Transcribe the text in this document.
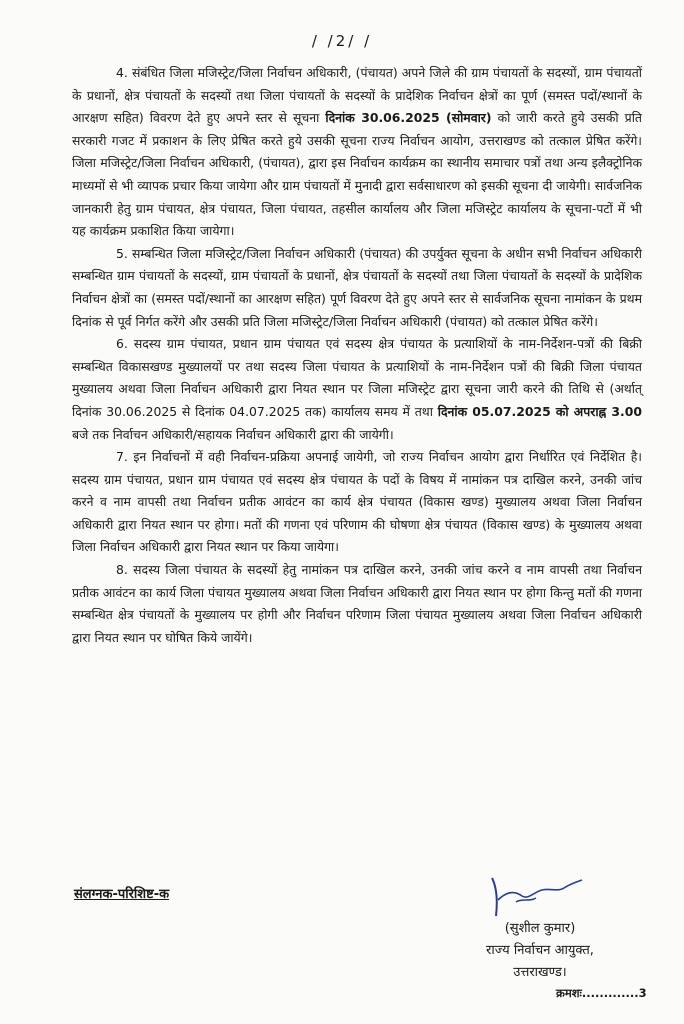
/ /2/ /

4. संबंधित जिला मजिस्ट्रेट/जिला निर्वाचन अधिकारी, (पंचायत) अपने जिले की ग्राम पंचायतों के सदस्यों, ग्राम पंचायतों के प्रधानों, क्षेत्र पंचायतों के सदस्यों तथा जिला पंचायतों के सदस्यों के प्रादेशिक निर्वाचन क्षेत्रों का पूर्ण (समस्त पदों/स्थानों के आरक्षण सहित) विवरण देते हुए अपने स्तर से सूचना दिनांक 30.06.2025 (सोमवार) को जारी करते हुये उसकी प्रति सरकारी गजट में प्रकाशन के लिए प्रेषित करते हुये उसकी सूचना राज्य निर्वाचन आयोग, उत्तराखण्ड को तत्काल प्रेषित करेंगे। जिला मजिस्ट्रेट/जिला निर्वाचन अधिकारी, (पंचायत), द्वारा इस निर्वाचन कार्यक्रम का स्थानीय समाचार पत्रों तथा अन्य इलैक्ट्रोनिक माध्यमों से भी व्यापक प्रचार किया जायेगा और ग्राम पंचायतों में मुनादी द्वारा सर्वसाधारण को इसकी सूचना दी जायेगी। सार्वजनिक जानकारी हेतु ग्राम पंचायत, क्षेत्र पंचायत, जिला पंचायत, तहसील कार्यालय और जिला मजिस्ट्रेट कार्यालय के सूचना-पटों में भी यह कार्यक्रम प्रकाशित किया जायेगा।

5. सम्बन्धित जिला मजिस्ट्रेट/जिला निर्वाचन अधिकारी (पंचायत) की उपर्युक्त सूचना के अधीन सभी निर्वाचन अधिकारी सम्बन्धित ग्राम पंचायतों के सदस्यों, ग्राम पंचायतों के प्रधानों, क्षेत्र पंचायतों के सदस्यों तथा जिला पंचायतों के सदस्यों के प्रादेशिक निर्वाचन क्षेत्रों का (समस्त पदों/स्थानों का आरक्षण सहित) पूर्ण विवरण देते हुए अपने स्तर से सार्वजनिक सूचना नामांकन के प्रथम दिनांक से पूर्व निर्गत करेंगे और उसकी प्रति जिला मजिस्ट्रेट/जिला निर्वाचन अधिकारी (पंचायत) को तत्काल प्रेषित करेंगे।

6. सदस्य ग्राम पंचायत, प्रधान ग्राम पंचायत एवं सदस्य क्षेत्र पंचायत के प्रत्याशियों के नाम-निर्देशन-पत्रों की बिक्री सम्बन्धित विकासखण्ड मुख्यालयों पर तथा सदस्य जिला पंचायत के प्रत्याशियों के नाम-निर्देशन पत्रों की बिक्री जिला पंचायत मुख्यालय अथवा जिला निर्वाचन अधिकारी द्वारा नियत स्थान पर जिला मजिस्ट्रेट द्वारा सूचना जारी करने की तिथि से (अर्थात् दिनांक 30.06.2025 से दिनांक 04.07.2025 तक) कार्यालय समय में तथा दिनांक 05.07.2025 को अपराह्न 3.00 बजे तक निर्वाचन अधिकारी/सहायक निर्वाचन अधिकारी द्वारा की जायेगी।

7. इन निर्वाचनों में वही निर्वाचन-प्रक्रिया अपनाई जायेगी, जो राज्य निर्वाचन आयोग द्वारा निर्धारित एवं निर्देशित है। सदस्य ग्राम पंचायत, प्रधान ग्राम पंचायत एवं सदस्य क्षेत्र पंचायत के पदों के विषय में नामांकन पत्र दाखिल करने, उनकी जांच करने व नाम वापसी तथा निर्वाचन प्रतीक आवंटन का कार्य क्षेत्र पंचायत (विकास खण्ड) मुख्यालय अथवा जिला निर्वाचन अधिकारी द्वारा नियत स्थान पर होगा। मतों की गणना एवं परिणाम की घोषणा क्षेत्र पंचायत (विकास खण्ड) के मुख्यालय अथवा जिला निर्वाचन अधिकारी द्वारा नियत स्थान पर किया जायेगा।

8. सदस्य जिला पंचायत के सदस्यों हेतु नामांकन पत्र दाखिल करने, उनकी जांच करने व नाम वापसी तथा निर्वाचन प्रतीक आवंटन का कार्य जिला पंचायत मुख्यालय अथवा जिला निर्वाचन अधिकारी द्वारा नियत स्थान पर होगा किन्तु मतों की गणना सम्बन्धित क्षेत्र पंचायतों के मुख्यालय पर होगी और निर्वाचन परिणाम जिला पंचायत मुख्यालय अथवा जिला निर्वाचन अधिकारी द्वारा नियत स्थान पर घोषित किये जायेंगे।

संलग्नक-परिशिष्ट-क
(सुशील कुमार)
राज्य निर्वाचन आयुक्त,
उत्तराखण्ड।
क्रमशः.............3
